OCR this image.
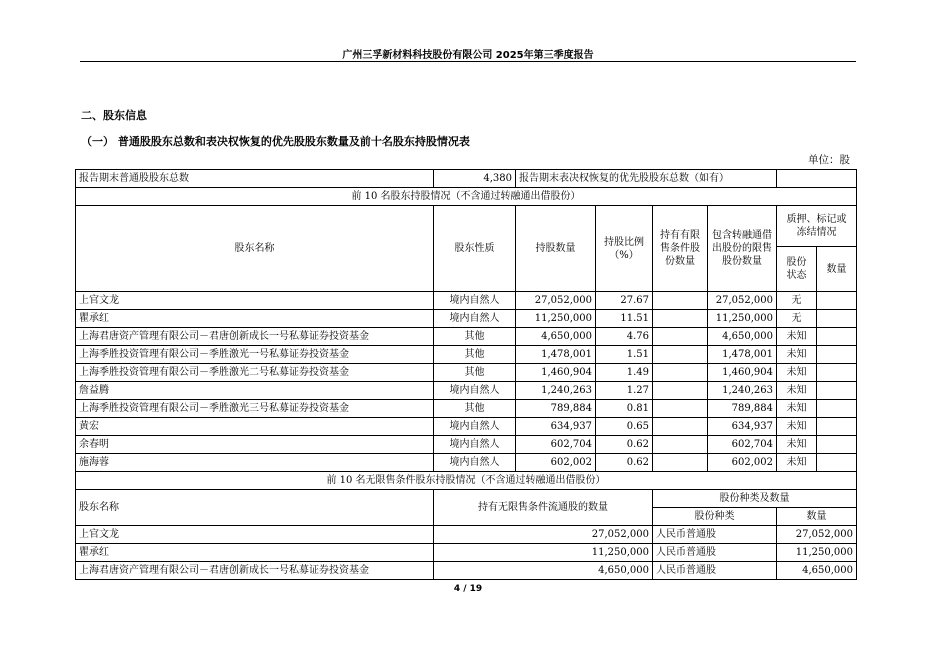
广州三孚新材料科技股份有限公司 2025年第三季度报告
二、股东信息
（一） 普通股股东总数和表决权恢复的优先股股东数量及前十名股东持股情况表
单位：股
报告期末普通股股东总数	4,380	报告期末表决权恢复的优先股股东总数（如有）					
前 10 名股东持股情况（不含通过转融通出借股份）							
股东名称	股东性质	持股数量	持股比例（%）	持有有限售条件股份数量	包含转融通借出股份的限售股份数量	质押、标记或冻结情况	
						股份状态	数量
上官文龙	境内自然人	27,052,000	27.67		27,052,000	无	
瞿承红	境内自然人	11,250,000	11.51		11,250,000	无	
上海君唐资产管理有限公司－君唐创新成长一号私募证券投资基金	其他	4,650,000	4.76		4,650,000	未知	
上海季胜投资管理有限公司－季胜激光一号私募证券投资基金	其他	1,478,001	1.51		1,478,001	未知	
上海季胜投资管理有限公司－季胜激光二号私募证券投资基金	其他	1,460,904	1.49		1,460,904	未知	
詹益腾	境内自然人	1,240,263	1.27		1,240,263	未知	
上海季胜投资管理有限公司－季胜激光三号私募证券投资基金	其他	789,884	0.81		789,884	未知	
黄宏	境内自然人	634,937	0.65		634,937	未知	
余春明	境内自然人	602,704	0.62		602,704	未知	
施海蓉	境内自然人	602,002	0.62		602,002	未知	
前 10 名无限售条件股东持股情况（不含通过转融通出借股份）							
股东名称	持有无限售条件流通股的数量			股份种类及数量			
				股份种类		数量	
上官文龙	27,052,000			人民币普通股		27,052,000	
瞿承红	11,250,000			人民币普通股		11,250,000	
上海君唐资产管理有限公司－君唐创新成长一号私募证券投资基金	4,650,000			人民币普通股		4,650,000	
4 / 19
